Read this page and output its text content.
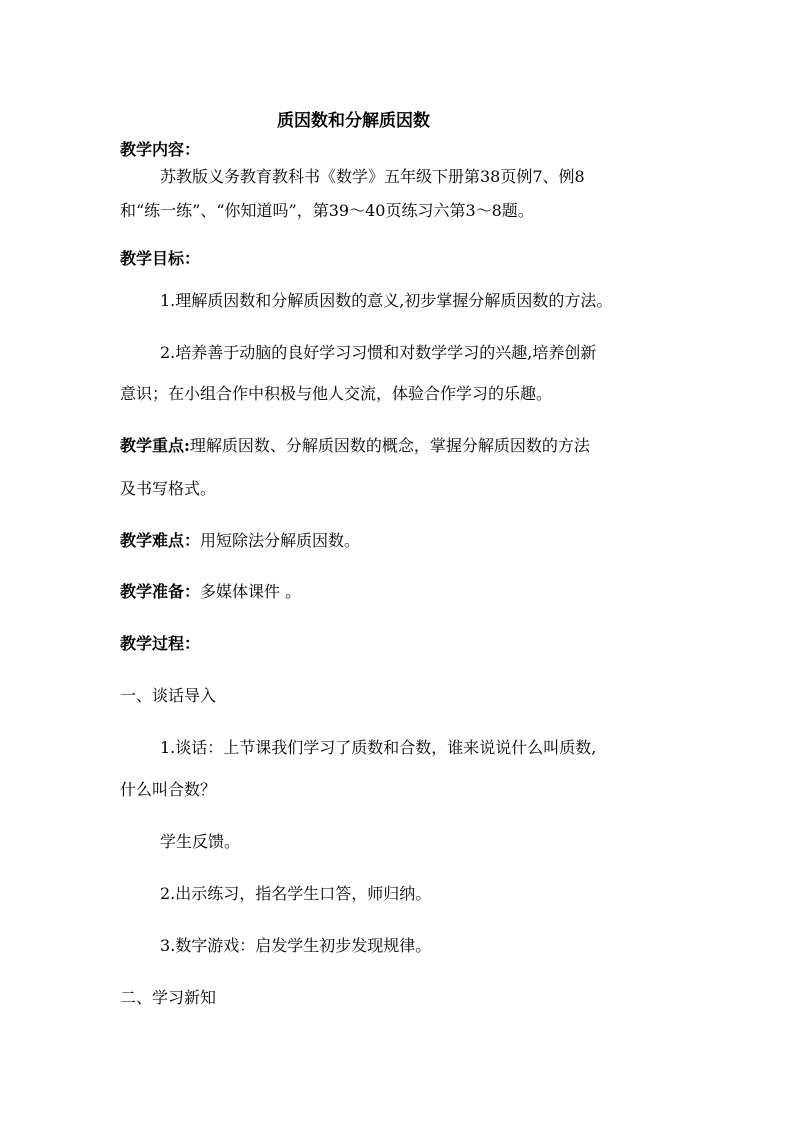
质因数和分解质因数
教学内容：
苏教版义务教育教科书《数学》五年级下册第38页例7、例8
和“练一练”、“你知道吗”，第39～40页练习六第3～8题。
教学目标：
1.理解质因数和分解质因数的意义,初步掌握分解质因数的方法。
2.培养善于动脑的良好学习习惯和对数学学习的兴趣,培养创新
意识；在小组合作中积极与他人交流，体验合作学习的乐趣。
教学重点:理解质因数、分解质因数的概念，掌握分解质因数的方法
及书写格式。
教学难点：用短除法分解质因数。
教学准备：多媒体课件 。
教学过程：
一、谈话导入
1.谈话：上节课我们学习了质数和合数，谁来说说什么叫质数,
什么叫合数？
学生反馈。
2.出示练习，指名学生口答，师归纳。
3.数字游戏：启发学生初步发现规律。
二、学习新知
